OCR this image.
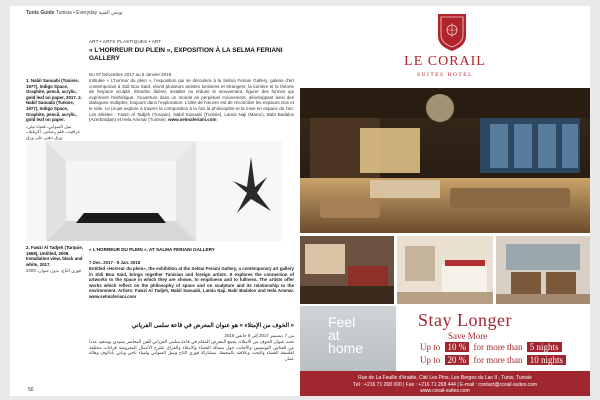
Tunis Guide Tunisia • Everyday تونس الفنية
ART • ARTS PLASTIQUES • ART
« L'HORREUR DU PLEIN », EXPOSITION À LA SELMA FERIANI GALLERY
Du 07 Décembre 2017 au 8 Janvier 2018
Intitulée « L'horreur du plein », l'exposition qui se déroulera à la Selma Feriani Gallery, galerie d'art contemporain à Sidi Bou Saïd, réunit plusieurs artistes tunisiens et étrangers; la lumière et la théorie de l'espace sculpté. Étendre, libérer, installer ou réduire le mouvement, figurer des formes qui expriment l'esthétique, l'ouverture dans un monde en perpétuel mouvement, développant ainsi des dialogues multiples, toujours dans l'exploration. L'idée de l'œuvre est de réconcilier les espaces clos et le vide. Le projet explore à travers la composition à la fois la philosophie et la mise en espace de l'art. Les artistes : Fawzi Al Tadjeh (Turquie), Nabil Saouabi (Tunisie), Lamia Naji (Maroc), Babi Badalov (Azerbaïdjan) et Hela Ammar (Tunisie). www.selmaferiani.com
1. Nabil Saouabi (Tunisie, 1977), Indigo Space, Graphite, pencil, acrylic, gold leaf on paper, 2017. 2. Nabil Saouabi (Tunisie, 1977), Indigo Space, Graphite, pencil, acrylic, gold leaf on paper.
نبيل الصوابي، فضاء نيلي، غرافيت، قلم رصاص، أكريليك، ورق ذهبي على ورق
2. Fawzi Al Tadjeh (Turquie, 1968), Untitled, 2009. Installation view, black and white, 2017.
فوزي التاج، بدون عنوان، 2009
« L'HORREUR DU PLEIN », AT SALMA FERIANI GALLERY
7 Dec. 2017 - 8 Jan. 2018
Entitled «Horreur du plein», the exhibition at the Selma Feriani Gallery, a contemporary art gallery in Sidi Bou Said, brings together Tunisian and foreign artists. It explores the connection of artworks to the space in which they are shown, to emptiness and to fullness. The artists offer works which reflect on the philosophy of space and on sculpture and its relationship to the environment. Artists: Fawzi Al Tadjeh, Nabil Saouabi, Lamia Naji, Babi Badalov and Hela Ammar. www.selmaferiani.com
« الخوف من الإمتلاء » هو عنوان المعرض في قاعة سلمى الفرياني
من 7 ديسمبر 2017 إلى 8 جانفي 2018
تحت عنوان الخوف من الامتلاء، يجمع المعرض المقام في قاعة سلمى الفرياني للفن المعاصر بسيدي بوسعيد عددا من الفنانين التونسيين والأجانب حول مسألة الفضاء والامتلاء والفراغ. تقترح الأعمال المعروضة قراءات مختلفة لفلسفة الفضاء والنحت وعلاقته بالمحيط، بمشاركة فوزي التاج ونبيل الصوابي ولمياء ناجي وبابي بادالوف وهالة عمار.
50
LE CORAIL
SUITES HOTEL
Feel
at
home
Stay Longer
Save More
Up to 10 % for more than 5 nights
Up to 20 % for more than 10 nights
Rue de La Feuille d'érable, Cité Les Pins, Les Berges du Lac II , Tunis, Tunisie
Tél : +216 71 268 000 | Fax : +216 71 268 444 | E-mail : contact@corail-suites.com
www.corail-suites.com
